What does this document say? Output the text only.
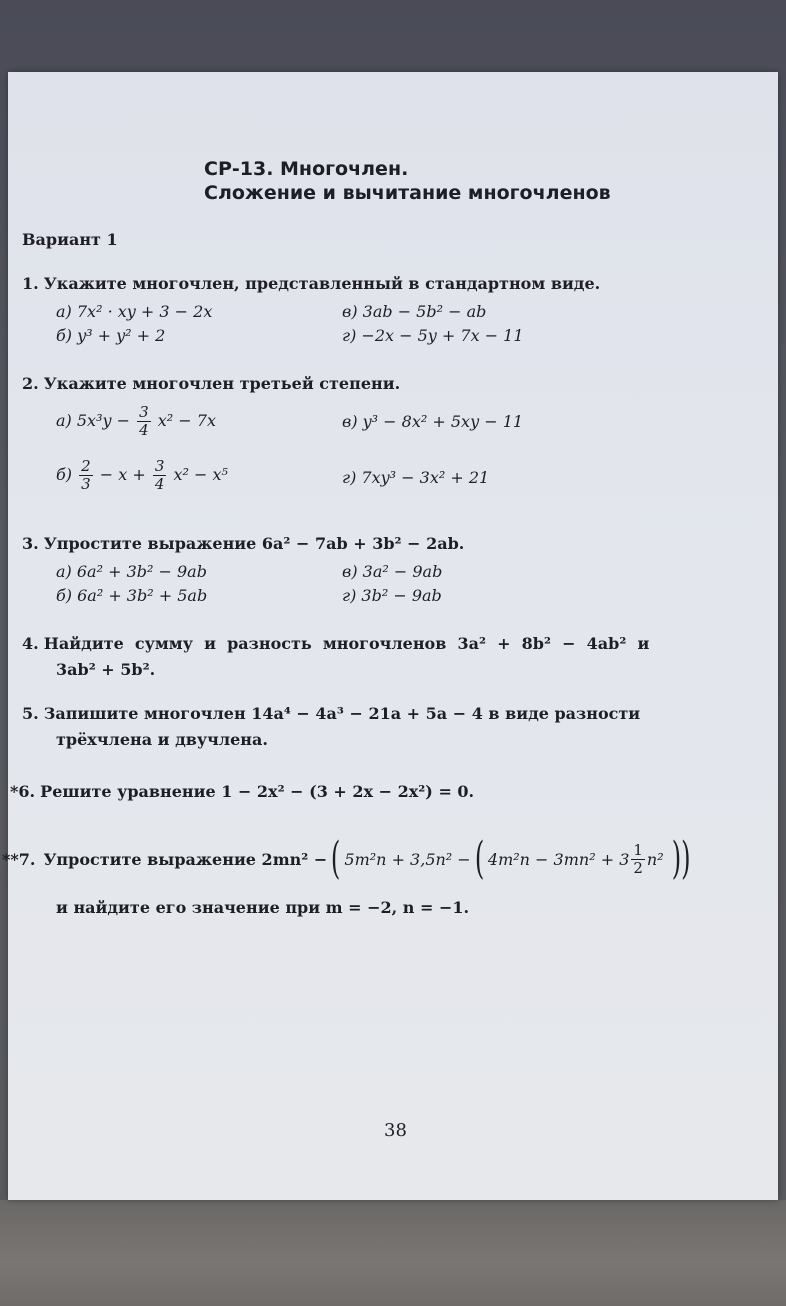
СР-13. Многочлен.
Сложение и вычитание многочленов
Вариант 1
1. Укажите многочлен, представленный в стандартном виде.
а) 7x² · xy + 3 − 2x	в) 3ab − 5b² − ab
б) y³ + y² + 2	г) −2x − 5y + 7x − 11
2. Укажите многочлен третьей степени.
а) $5x^3y - \frac{3}{4} x^2 - 7x$	в) y³ − 8x² + 5xy − 11
$б) \frac{2}{3} - x + \frac{3}{4} x^2 - x^5$	г) 7xy³ − 3x² + 21
3. Упростите выражение 6a² − 7ab + 3b² − 2ab.
а) 6a² + 3b² − 9ab	в) 3a² − 9ab
б) 6a² + 3b² + 5ab	г) 3b² − 9ab
4. Найдите  сумму  и  разность  многочленов  3a²  +  8b²  −  4ab²  и
3ab² + 5b².
5. Запишите многочлен 14a⁴ − 4a³ − 21a + 5a − 4 в виде разности
трёхчлена и двучлена.
*6. Решите уравнение 1 − 2x² − (3 + 2x − 2x²) = 0.
**7. Упростите выражение 2mn² − ( 5m²n + 3,5n² − ( $4m^2n - 3mn^2 + 3 \frac{1}{2} n^2$ ))
и найдите его значение при m = −2, n = −1.
38
